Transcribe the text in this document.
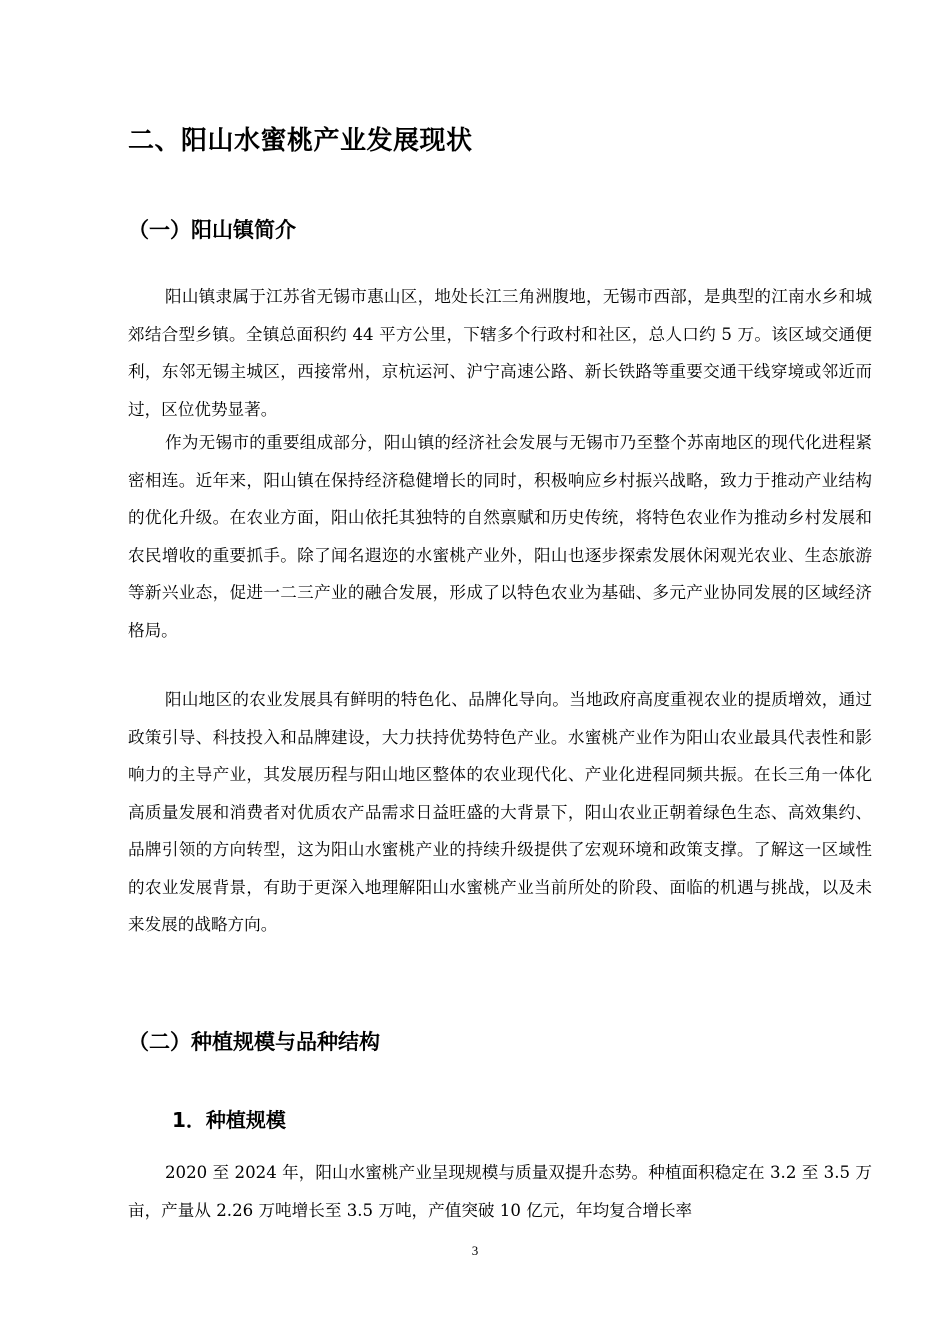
二、阳山水蜜桃产业发展现状
（一）阳山镇简介

阳山镇隶属于江苏省无锡市惠山区，地处长江三角洲腹地，无锡市西部，是典型的江南水乡和城郊结合型乡镇。全镇总面积约 44 平方公里，下辖多个行政村和社区，总人口约 5 万。该区域交通便利，东邻无锡主城区，西接常州，京杭运河、沪宁高速公路、新长铁路等重要交通干线穿境或邻近而过，区位优势显著。

作为无锡市的重要组成部分，阳山镇的经济社会发展与无锡市乃至整个苏南地区的现代化进程紧密相连。近年来，阳山镇在保持经济稳健增长的同时，积极响应乡村振兴战略，致力于推动产业结构的优化升级。在农业方面，阳山依托其独特的自然禀赋和历史传统，将特色农业作为推动乡村发展和农民增收的重要抓手。除了闻名遐迩的水蜜桃产业外，阳山也逐步探索发展休闲观光农业、生态旅游等新兴业态，促进一二三产业的融合发展，形成了以特色农业为基础、多元产业协同发展的区域经济格局。

阳山地区的农业发展具有鲜明的特色化、品牌化导向。当地政府高度重视农业的提质增效，通过政策引导、科技投入和品牌建设，大力扶持优势特色产业。水蜜桃产业作为阳山农业最具代表性和影响力的主导产业，其发展历程与阳山地区整体的农业现代化、产业化进程同频共振。在长三角一体化高质量发展和消费者对优质农产品需求日益旺盛的大背景下，阳山农业正朝着绿色生态、高效集约、品牌引领的方向转型，这为阳山水蜜桃产业的持续升级提供了宏观环境和政策支撑。了解这一区域性的农业发展背景，有助于更深入地理解阳山水蜜桃产业当前所处的阶段、面临的机遇与挑战，以及未来发展的战略方向。

（二）种植规模与品种结构
1．种植规模

2020 至 2024 年，阳山水蜜桃产业呈现规模与质量双提升态势。种植面积稳定在 3.2 至 3.5 万亩，产量从 2.26 万吨增长至 3.5 万吨，产值突破 10 亿元，年均复合增长率

3
